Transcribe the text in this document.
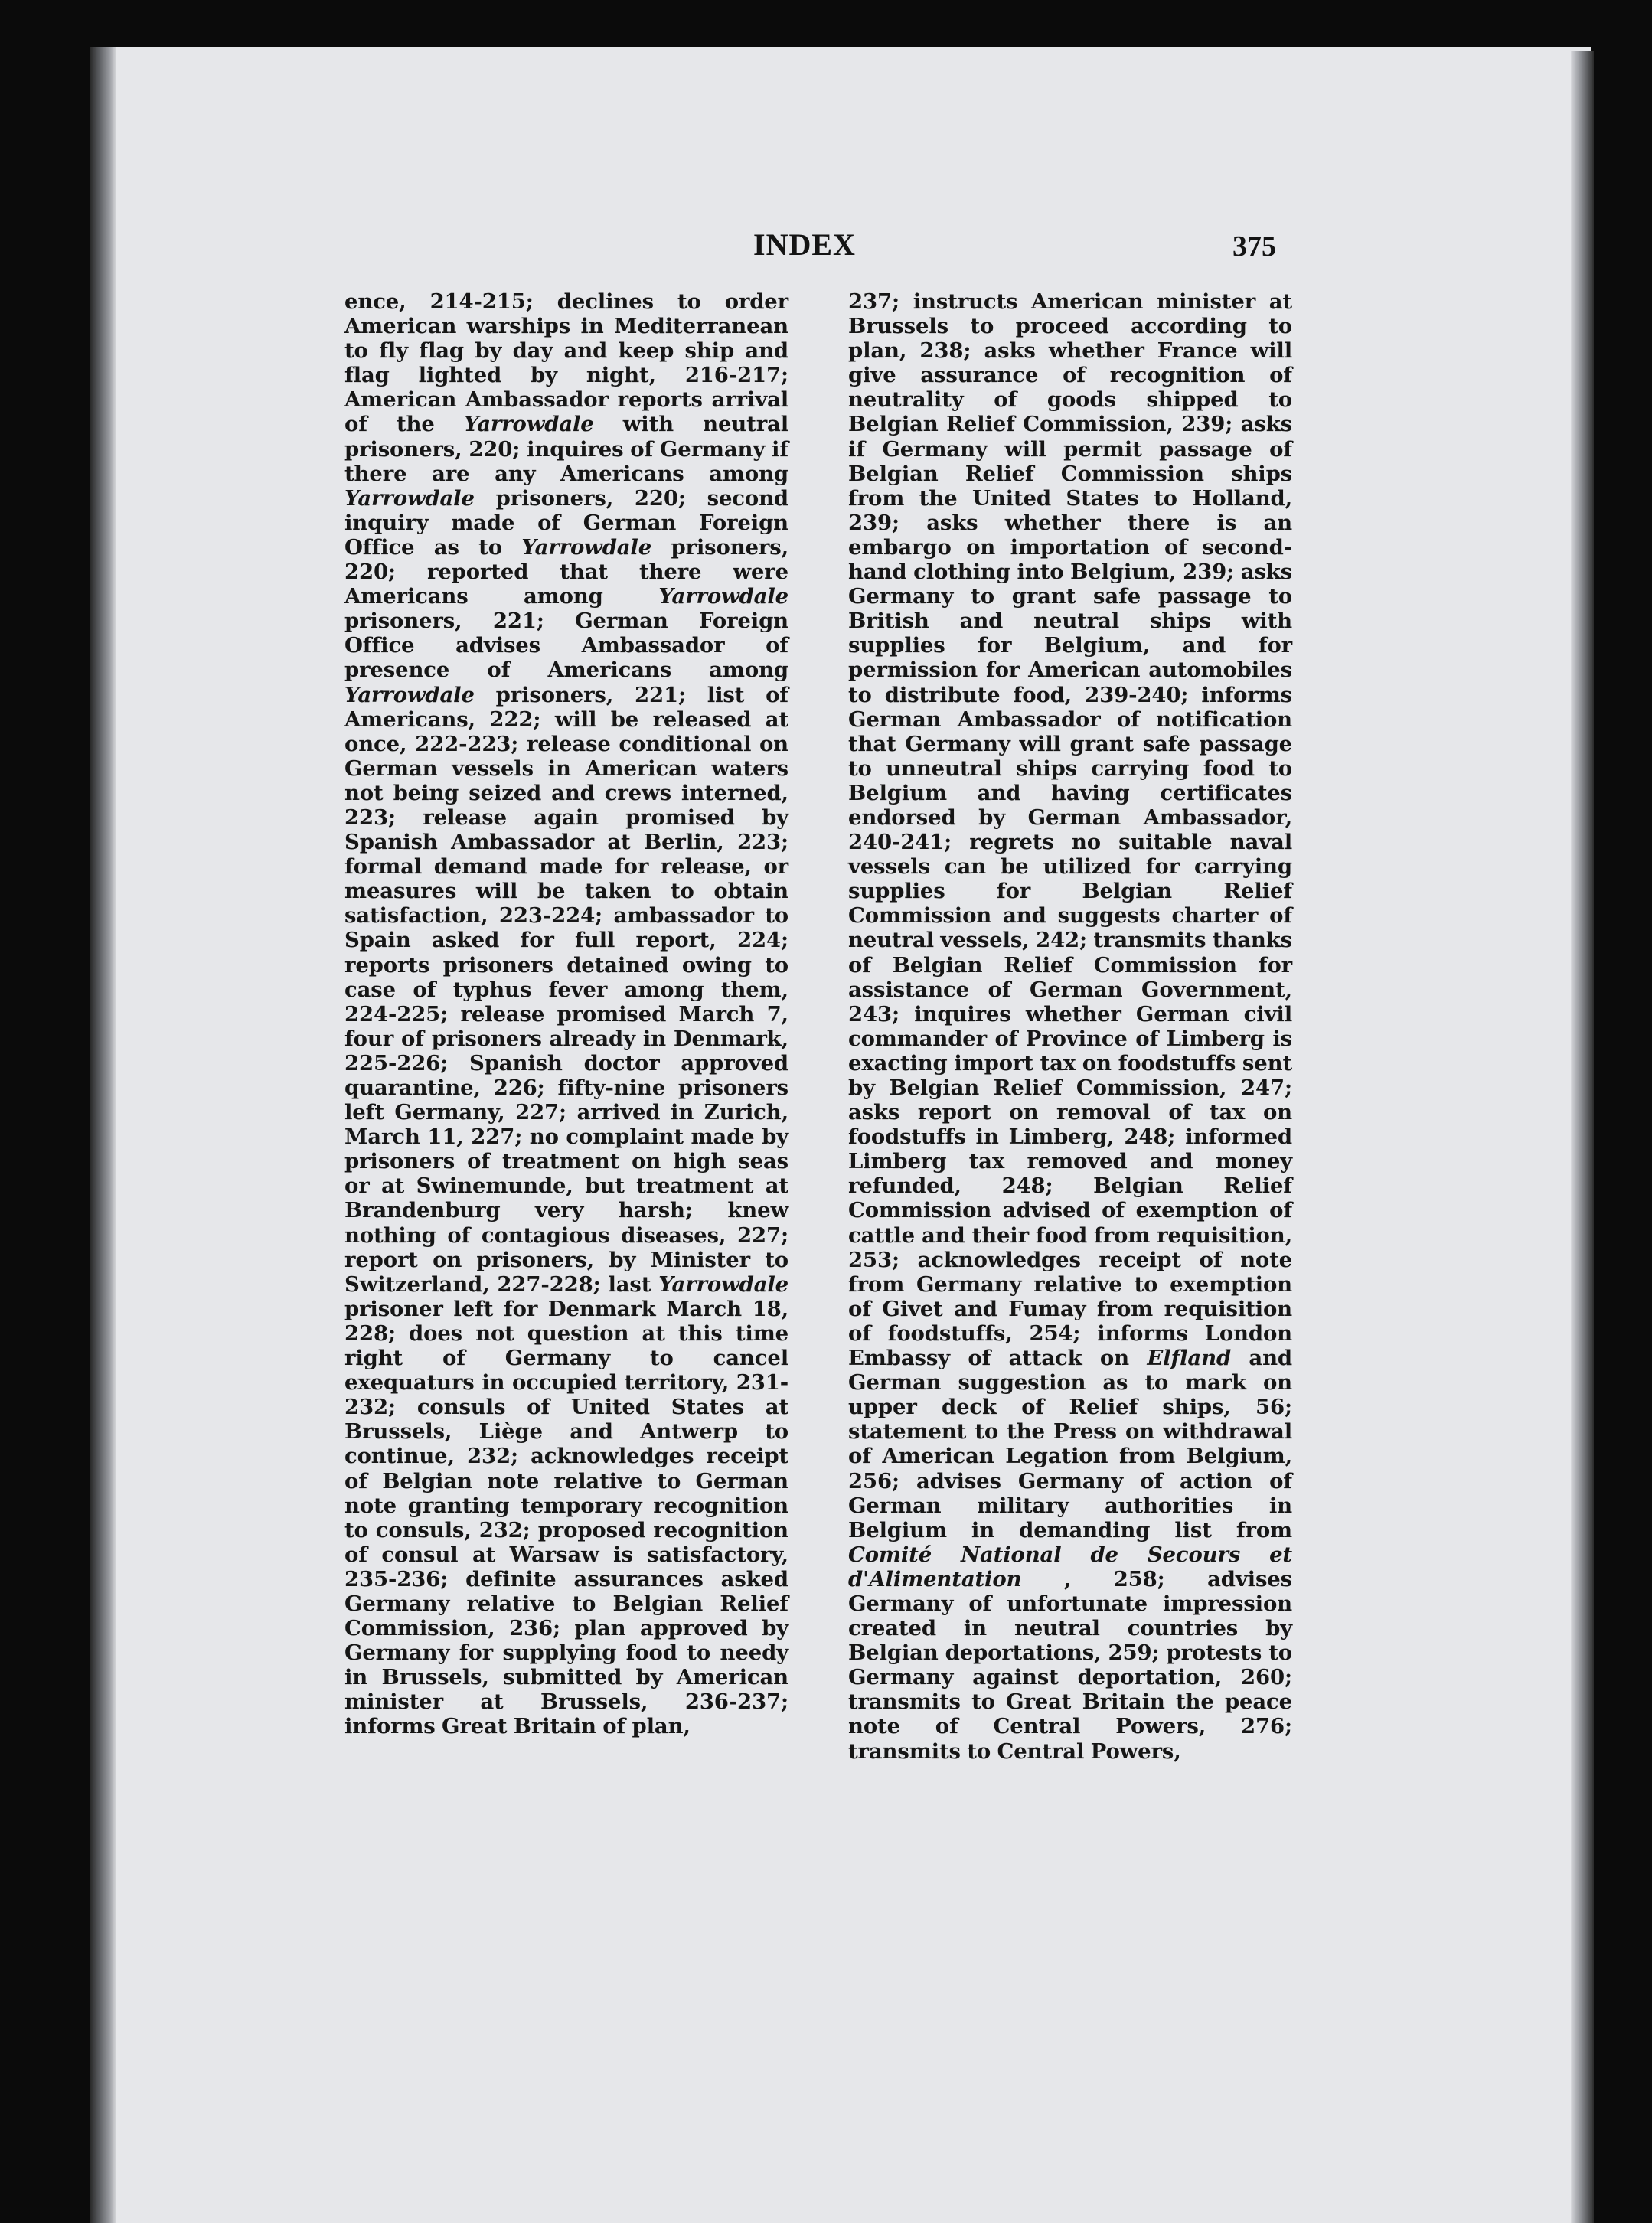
INDEX	375

ence, 214-215; declines to order American warships in Mediterranean to fly flag by day and keep ship and flag lighted by night, 216-217; American Ambassador reports arrival of the Yarrowdale with neutral prisoners, 220; inquires of Germany if there are any Americans among Yarrowdale prisoners, 220; second inquiry made of German Foreign Office as to Yarrowdale prisoners, 220; reported that there were Americans among Yarrowdale prisoners, 221; German Foreign Office advises Ambassador of presence of Americans among Yarrowdale prisoners, 221; list of Americans, 222; will be released at once, 222-223; release conditional on German vessels in American waters not being seized and crews interned, 223; release again promised by Spanish Ambassador at Berlin, 223; formal demand made for release, or measures will be taken to obtain satisfaction, 223-224; ambassador to Spain asked for full report, 224; reports prisoners detained owing to case of typhus fever among them, 224-225; release promised March 7, four of prisoners already in Denmark, 225-226; Spanish doctor approved quarantine, 226; fifty-nine prisoners left Germany, 227; arrived in Zurich, March 11, 227; no complaint made by prisoners of treatment on high seas or at Swinemunde, but treatment at Brandenburg very harsh; knew nothing of contagious diseases, 227; report on prisoners, by Minister to Switzerland, 227-228; last Yarrowdale prisoner left for Denmark March 18, 228; does not question at this time right of Germany to cancel exequaturs in occupied territory, 231-232; consuls of United States at Brussels, Liège and Antwerp to continue, 232; acknowledges receipt of Belgian note relative to German note granting temporary recognition to consuls, 232; proposed recognition of consul at Warsaw is satisfactory, 235-236; definite assurances asked Germany relative to Belgian Relief Commission, 236; plan approved by Germany for supplying food to needy in Brussels, submitted by American minister at Brussels, 236-237; informs Great Britain of plan,

237; instructs American minister at Brussels to proceed according to plan, 238; asks whether France will give assurance of recognition of neutrality of goods shipped to Belgian Relief Commission, 239; asks if Germany will permit passage of Belgian Relief Commission ships from the United States to Holland, 239; asks whether there is an embargo on importation of second-hand clothing into Belgium, 239; asks Germany to grant safe passage to British and neutral ships with supplies for Belgium, and for permission for American automobiles to distribute food, 239-240; informs German Ambassador of notification that Germany will grant safe passage to unneutral ships carrying food to Belgium and having certificates endorsed by German Ambassador, 240-241; regrets no suitable naval vessels can be utilized for carrying supplies for Belgian Relief Commission and suggests charter of neutral vessels, 242; transmits thanks of Belgian Relief Commission for assistance of German Government, 243; inquires whether German civil commander of Province of Limberg is exacting import tax on foodstuffs sent by Belgian Relief Commission, 247; asks report on removal of tax on foodstuffs in Limberg, 248; informed Limberg tax removed and money refunded, 248; Belgian Relief Commission advised of exemption of cattle and their food from requisition, 253; acknowledges receipt of note from Germany relative to exemption of Givet and Fumay from requisition of foodstuffs, 254; informs London Embassy of attack on Elfland and German suggestion as to mark on upper deck of Relief ships, 56; statement to the Press on withdrawal of American Legation from Belgium, 256; advises Germany of action of German military authorities in Belgium in demanding list from Comité National de Secours et d'Alimentation , 258; advises Germany of unfortunate impression created in neutral countries by Belgian deportations, 259; protests to Germany against deportation, 260; transmits to Great Britain the peace note of Central Powers, 276; transmits to Central Powers,
